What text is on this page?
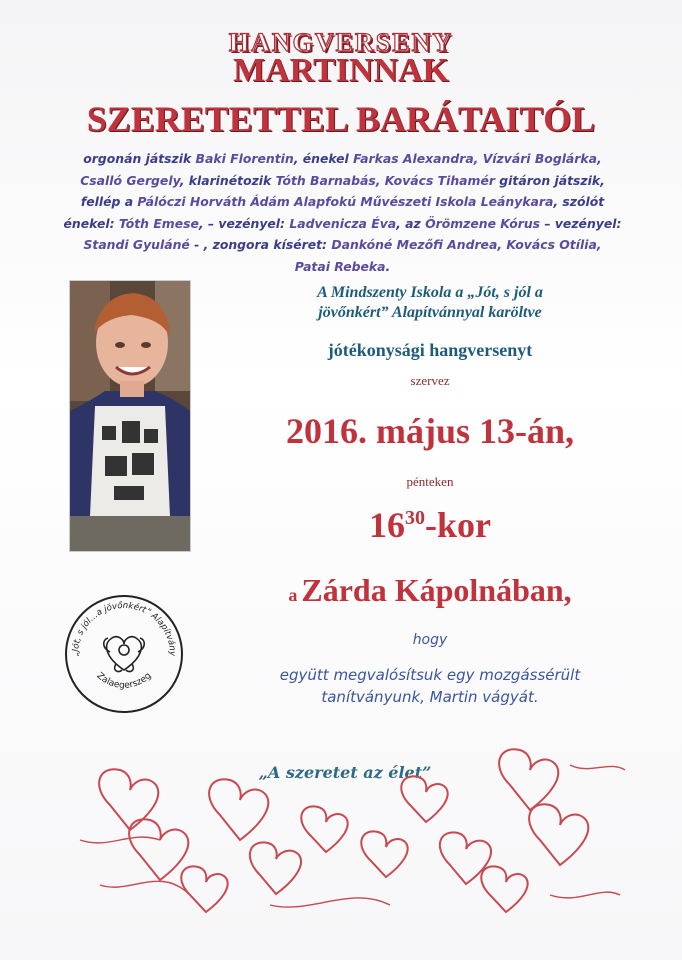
HANGVERSENY
MARTINNAK
SZERETETTEL BARÁTAITÓL
orgonán játszik Baki Florentin, énekel Farkas Alexandra, Vízvári Boglárka,
Csalló Gergely, klarinétozik Tóth Barnabás, Kovács Tihamér gitáron játszik,
fellép a Pálóczi Horváth Ádám Alapfokú Művészeti Iskola Leánykara, szólót
énekel: Tóth Emese, – vezényel: Ladvenicza Éva, az Örömzene Kórus – vezényel:
Standi Gyuláné - , zongora kíséret: Dankóné Mezőfi Andrea, Kovács Otília,
Patai Rebeka.
A Mindszenty Iskola a „Jót, s jól a
jövőnkért” Alapítvánnyal karöltve
jótékonysági hangversenyt
szervez
2016. május 13-án,
pénteken
$16^{30}$-kor
a Zárda Kápolnában,
hogy
együtt megvalósítsuk egy mozgássérült
tanítványunk, Martin vágyát.
„Jót, s jól…a jövőnkért” Alapítvány
Zalaegerszeg
„A szeretet az élet”
